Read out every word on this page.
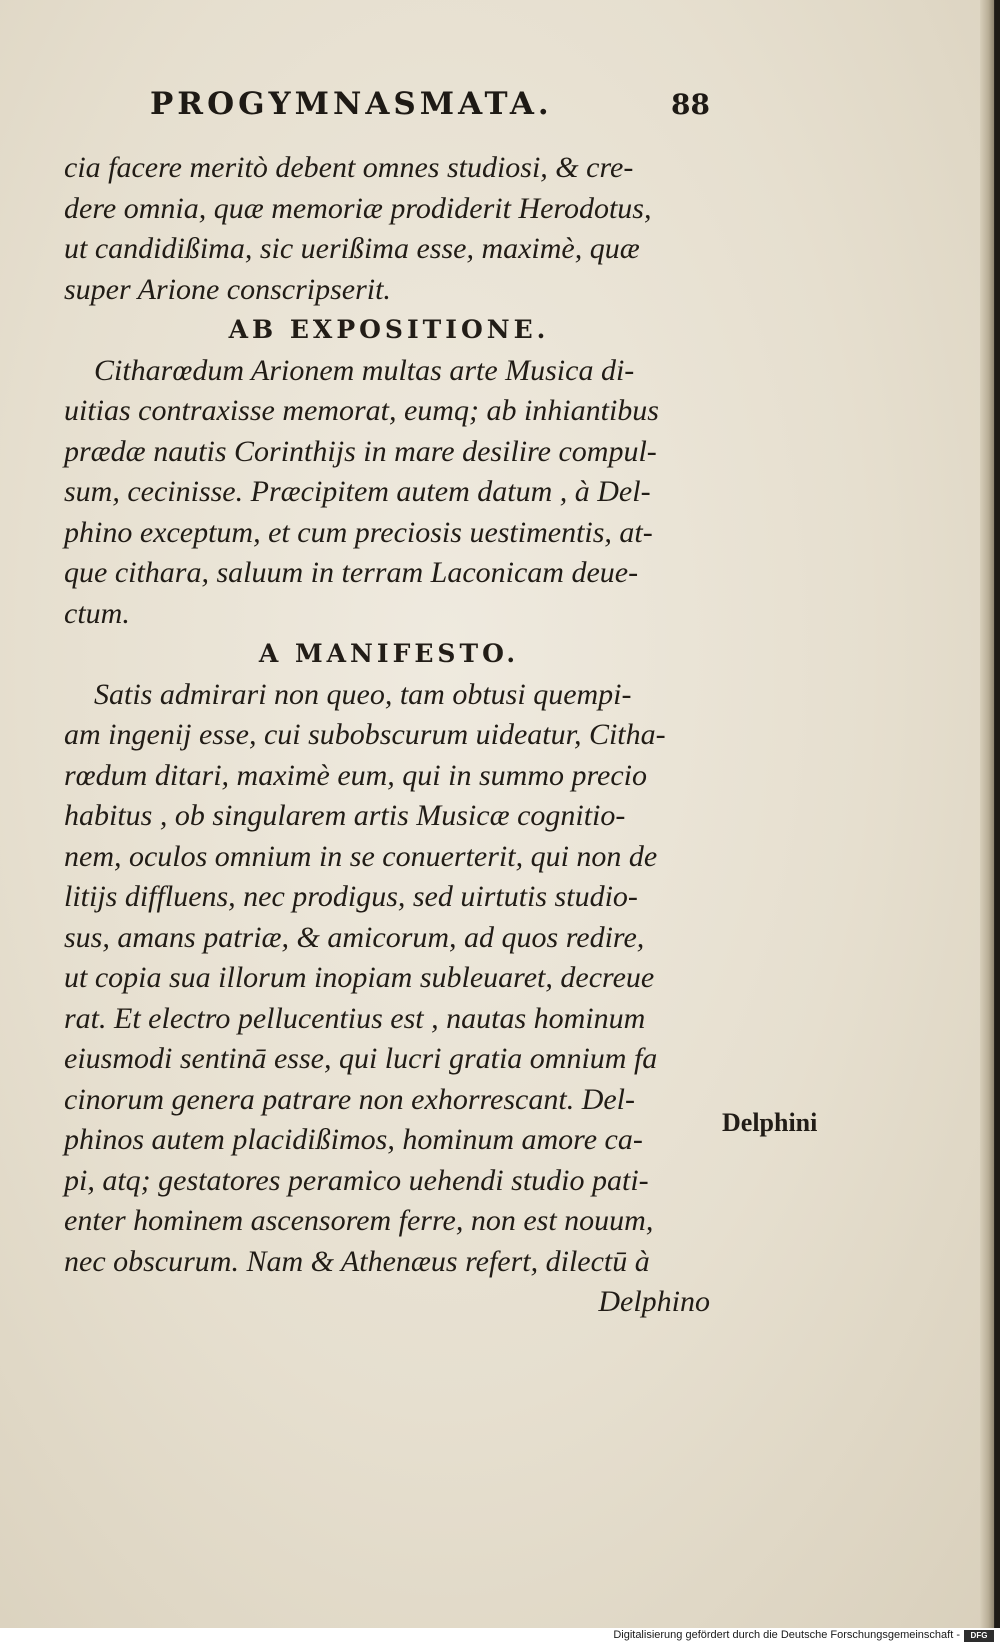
PROGYMNASMATA.	88
cia facere meritò debent omnes studiosi, & cre-
dere omnia, quæ memoriæ prodiderit Herodotus,
ut candidißima, sic uerißima esse, maximè, quæ
super Arione conscripserit.
AB EXPOSITIONE.
Citharœdum Arionem multas arte Musica di-
uitias contraxisse memorat, eumq; ab inhiantibus
prædæ nautis Corinthijs in mare desilire compul-
sum, cecinisse. Præcipitem autem datum , à Del-
phino exceptum, et cum preciosis uestimentis, at-
que cithara, saluum in terram Laconicam deue-
ctum.
A MANIFESTO.
Satis admirari non queo, tam obtusi quempi-
am ingenij esse, cui subobscurum uideatur, Citha-
rœdum ditari, maximè eum, qui in summo precio
habitus , ob singularem artis Musicæ cognitio-
nem, oculos omnium in se conuerterit, qui non de
litijs diffluens, nec prodigus, sed uirtutis studio-
sus, amans patriæ, & amicorum, ad quos redire,
ut copia sua illorum inopiam subleuaret, decreue
rat. Et electro pellucentius est , nautas hominum
eiusmodi sentinā esse, qui lucri gratia omnium fa
cinorum genera patrare non exhorrescant. Del-
phinos autem placidißimos, hominum amore ca-
pi, atq; gestatores peramico uehendi studio pati-
enter hominem ascensorem ferre, non est nouum,
nec obscurum. Nam & Athenæus refert, dilectū à
Delphino
Delphini
Digitalisierung gefördert durch die Deutsche Forschungsgemeinschaft -	DFG
